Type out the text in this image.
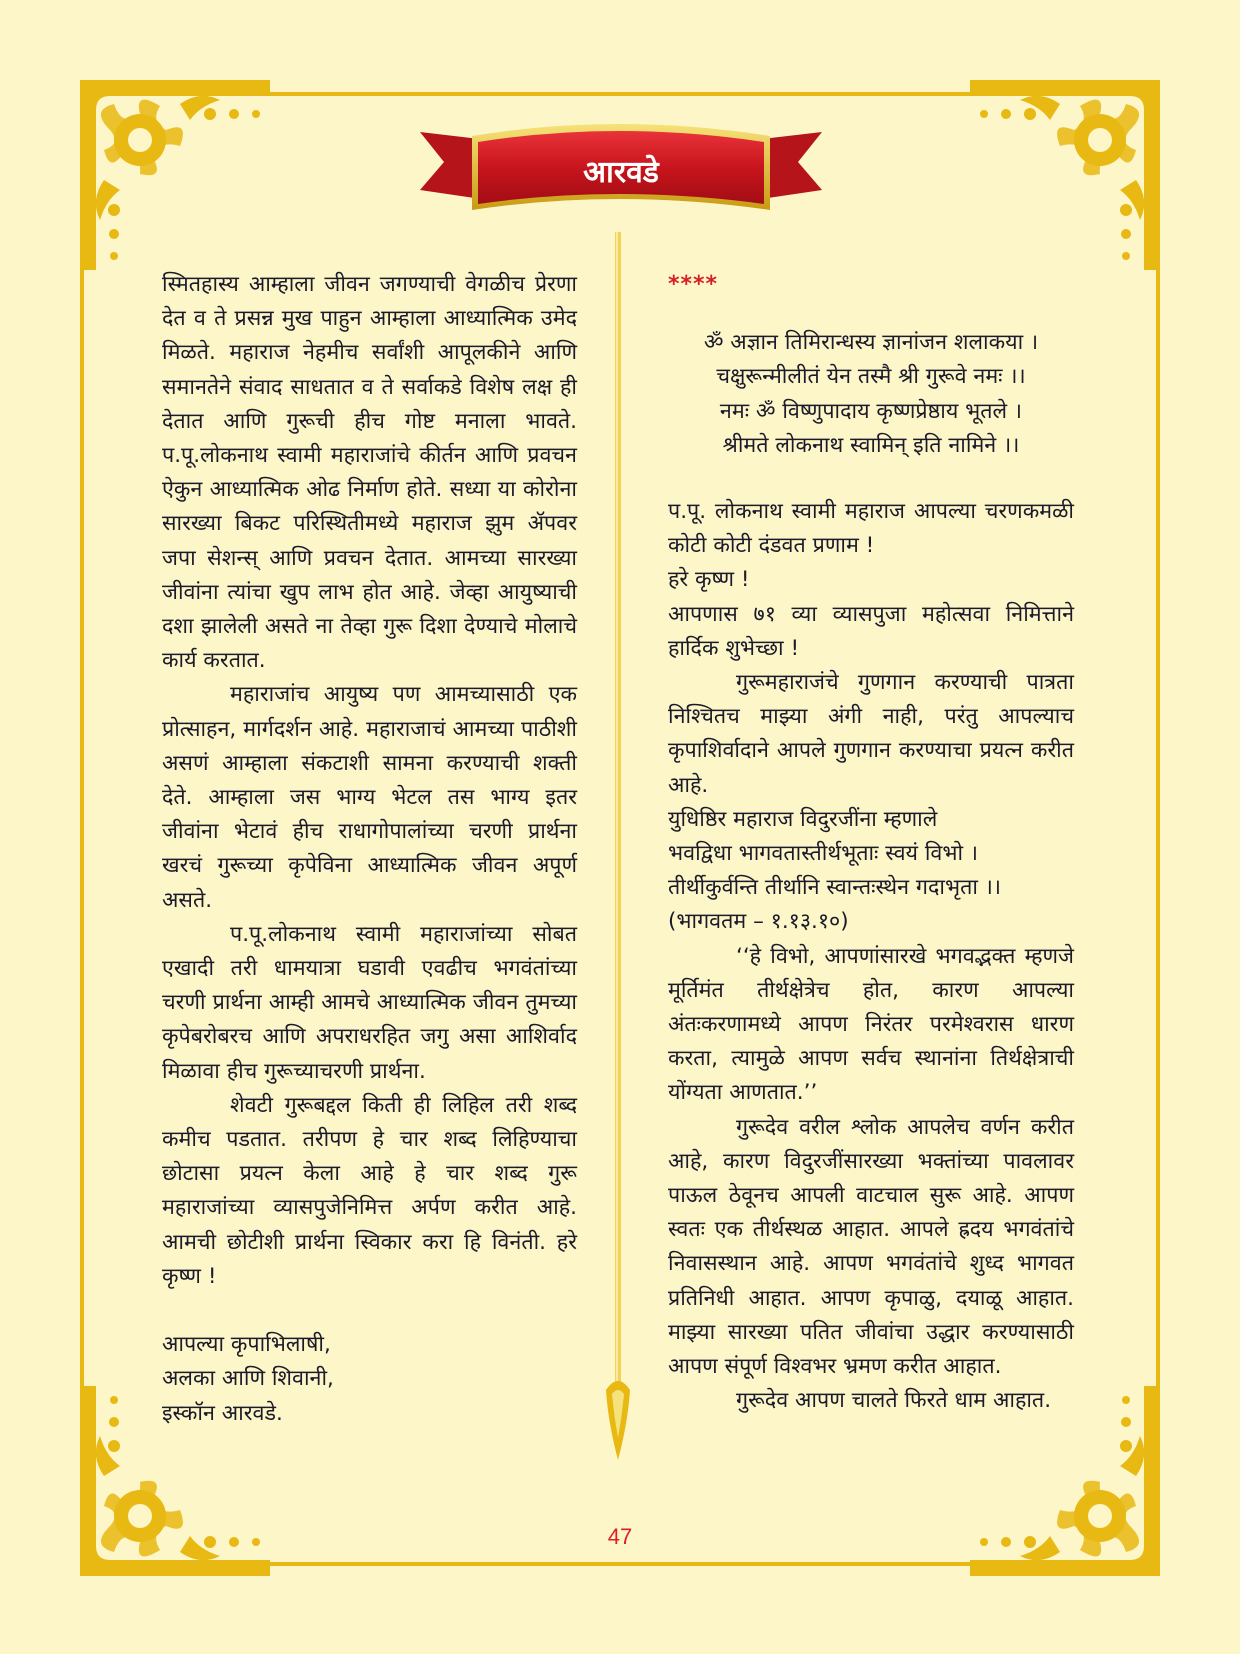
आरवडे

स्मितहास्य आम्हाला जीवन जगण्याची वेगळीच प्रेरणा देत व ते प्रसन्न मुख पाहुन आम्हाला आध्यात्मिक उमेद मिळते. महाराज नेहमीच सर्वांशी आपूलकीने आणि समानतेने संवाद साधतात व ते सर्वाकडे विशेष लक्ष ही देतात आणि गुरूची हीच गोष्ट मनाला भावते. प.पू.लोकनाथ स्वामी महाराजांचे कीर्तन आणि प्रवचन ऐकुन आध्यात्मिक ओढ निर्माण होते. सध्या या कोरोना सारख्या बिकट परिस्थितीमध्ये महाराज झुम ॲपवर जपा सेशन्स् आणि प्रवचन देतात. आमच्या सारख्या जीवांना त्यांचा खुप लाभ होत आहे. जेव्हा आयुष्याची दशा झालेली असते ना तेव्हा गुरू दिशा देण्याचे मोलाचे कार्य करतात.

महाराजांच आयुष्य पण आमच्यासाठी एक प्रोत्साहन, मार्गदर्शन आहे. महाराजाचं आमच्या पाठीशी असणं आम्हाला संकटाशी सामना करण्याची शक्ती देते. आम्हाला जस भाग्य भेटल तस भाग्य इतर जीवांना भेटावं हीच राधागोपालांच्या चरणी प्रार्थना खरचं गुरूच्या कृपेविना आध्यात्मिक जीवन अपूर्ण असते.

प.पू.लोकनाथ स्वामी महाराजांच्या सोबत एखादी तरी धामयात्रा घडावी एवढीच भगवंतांच्या चरणी प्रार्थना आम्ही आमचे आध्यात्मिक जीवन तुमच्या कृपेबरोबरच आणि अपराधरहित जगु असा आशिर्वाद मिळावा हीच गुरूच्याचरणी प्रार्थना.

शेवटी गुरूबद्दल किती ही लिहिल तरी शब्द कमीच पडतात. तरीपण हे चार शब्द लिहिण्याचा छोटासा प्रयत्न केला आहे हे चार शब्द गुरू महाराजांच्या व्यासपुजेनिमित्त अर्पण करीत आहे. आमची छोटीशी प्रार्थना स्विकार करा हि विनंती. हरे कृष्ण !

आपल्या कृपाभिलाषी,

अलका आणि शिवानी,

इस्कॉन आरवडे.

****

ॐ अज्ञान तिमिरान्धस्य ज्ञानांजन शलाकया ।

चक्षुरून्मीलीतं येन तस्मै श्री गुरूवे नमः ।।

नमः ॐ विष्णुपादाय कृष्णप्रेष्ठाय भूतले ।

श्रीमते लोकनाथ स्वामिन् इति नामिने ।।

प.पू. लोकनाथ स्वामी महाराज आपल्या चरणकमळी कोटी कोटी दंडवत प्रणाम !

हरे कृष्ण !

आपणास ७१ व्या व्यासपुजा महोत्सवा निमित्ताने हार्दिक शुभेच्छा !

गुरूमहाराजंचे गुणगान करण्याची पात्रता निश्चितच माझ्या अंगी नाही, परंतु आपल्याच कृपाशिर्वादाने आपले गुणगान करण्याचा प्रयत्न करीत आहे.

युधिष्ठिर महाराज विदुरजींना म्हणाले

भवद्विधा भागवतास्तीर्थभूताः स्वयं विभो ।

तीर्थीकुर्वन्ति तीर्थानि स्वान्तःस्थेन गदाभृता ।।

(भागवतम – १.१३.१०)

‘‘हे विभो, आपणांसारखे भगवद्भक्त म्हणजे मूर्तिमंत तीर्थक्षेत्रेच होत, कारण आपल्या अंतःकरणामध्ये आपण निरंतर परमेश्वरास धारण करता, त्यामुळे आपण सर्वच स्थानांना तिर्थक्षेत्राची योंग्यता आणतात.’’

गुरूदेव वरील श्लोक आपलेच वर्णन करीत आहे, कारण विदुरजींसारख्या भक्तांच्या पावलावर पाऊल ठेवूनच आपली वाटचाल सुरू आहे. आपण स्वतः एक तीर्थस्थळ आहात. आपले ह्रदय भगवंतांचे निवासस्थान आहे. आपण भगवंतांचे शुध्द भागवत प्रतिनिधी आहात. आपण कृपाळु, दयाळू आहात. माझ्या सारख्या पतित जीवांचा उद्धार करण्यासाठी आपण संपूर्ण विश्वभर भ्रमण करीत आहात.

गुरूदेव आपण चालते फिरते धाम आहात.

47
